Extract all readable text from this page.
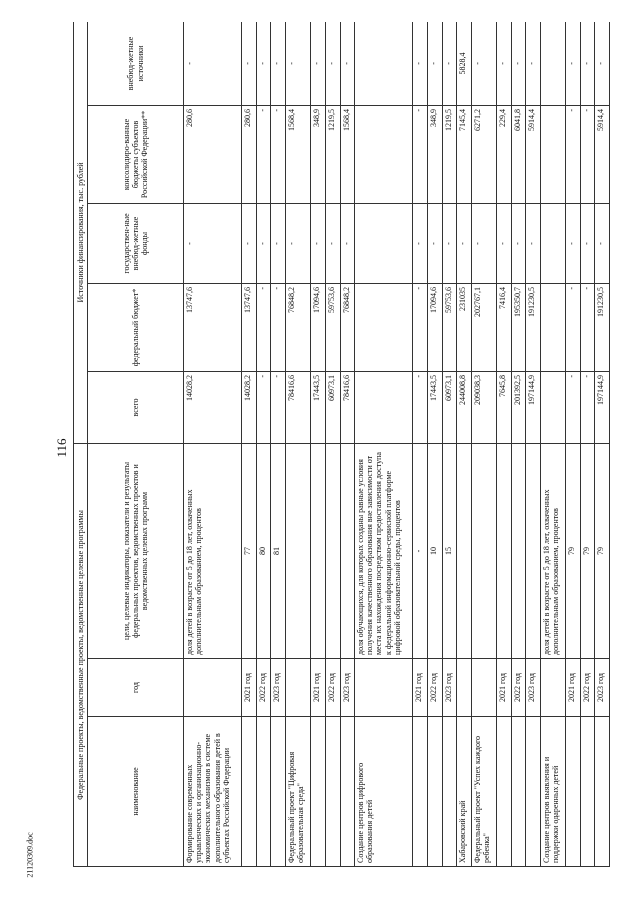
116
21120309.doc
Федеральные проекты, ведомственные проекты, ведомственные целевые программы			Источники финансирования, тыс. рублей				
наименование	год	цели, целевые индикаторы, показатели и результаты федеральных проектов, ведомственных проектов и ведомственных целевых программ	всего	федеральный бюджет*	государствен-ные внебюд-жетные фонды	консолидиро-ванные бюджеты субъектов Российской Федерации**	внебюд-жетные источники
Формирование современных управленческих и организационно-экономических механизмов в системе дополнительного образования детей в субъектах Российской Федерации		доля детей в возрасте от 5 до 18 лет, охваченных дополнительным образованием, процентов	14028,2	13747,6	-	280,6	-
	2021 год	77	14028,2	13747,6	-	280,6	-
	2022 год	80	-	-	-	-	-
	2023 год	81	-	-	-	-	-
Федеральный проект "Цифровая образовательная среда"			78416,6	76848,2	-	1568,4	-
	2021 год		17443,5	17094,6	-	348,9	-
	2022 год		60973,1	59753,6	-	1219,5	-
	2023 год		78416,6	76848,2	-	1568,4	-
Создание центров цифрового образования детей		доля обучающихся, для которых созданы равные условия получения качественного образования вне зависимости от места их нахождения посредством предоставления доступа к федеральной информационно-сервисной платформе цифровой образовательной среды, процентов					

	2021 год	-	-	-	-	-	-
	2022 год	10	17443,5	17094,6	-	348,9	-
	2023 год	15	60973,1	59753,6	-	1219,5	-
Хабаровский край			244008,8	231035	-	7145,4	5828,4
Федеральный проект "Успех каждого ребенка"			209038,3	202767,1	-	6271,2	-
	2021 год		7645,8	7416,4	-	229,4	-
	2022 год		201392,5	195350,7	-	6041,8	-
	2023 год		197144,9	191230,5	-	5914,4	-
Создание центров выявления и поддержки одаренных детей		доля детей в возрасте от 5 до 18 лет, охваченных дополнительным образованием, процентов					

	2021 год	79	-	-	-	-	-
	2022 год	79	-	-	-	-	-
	2023 год	79	197144,9	191230,5	-	5914,4	-
